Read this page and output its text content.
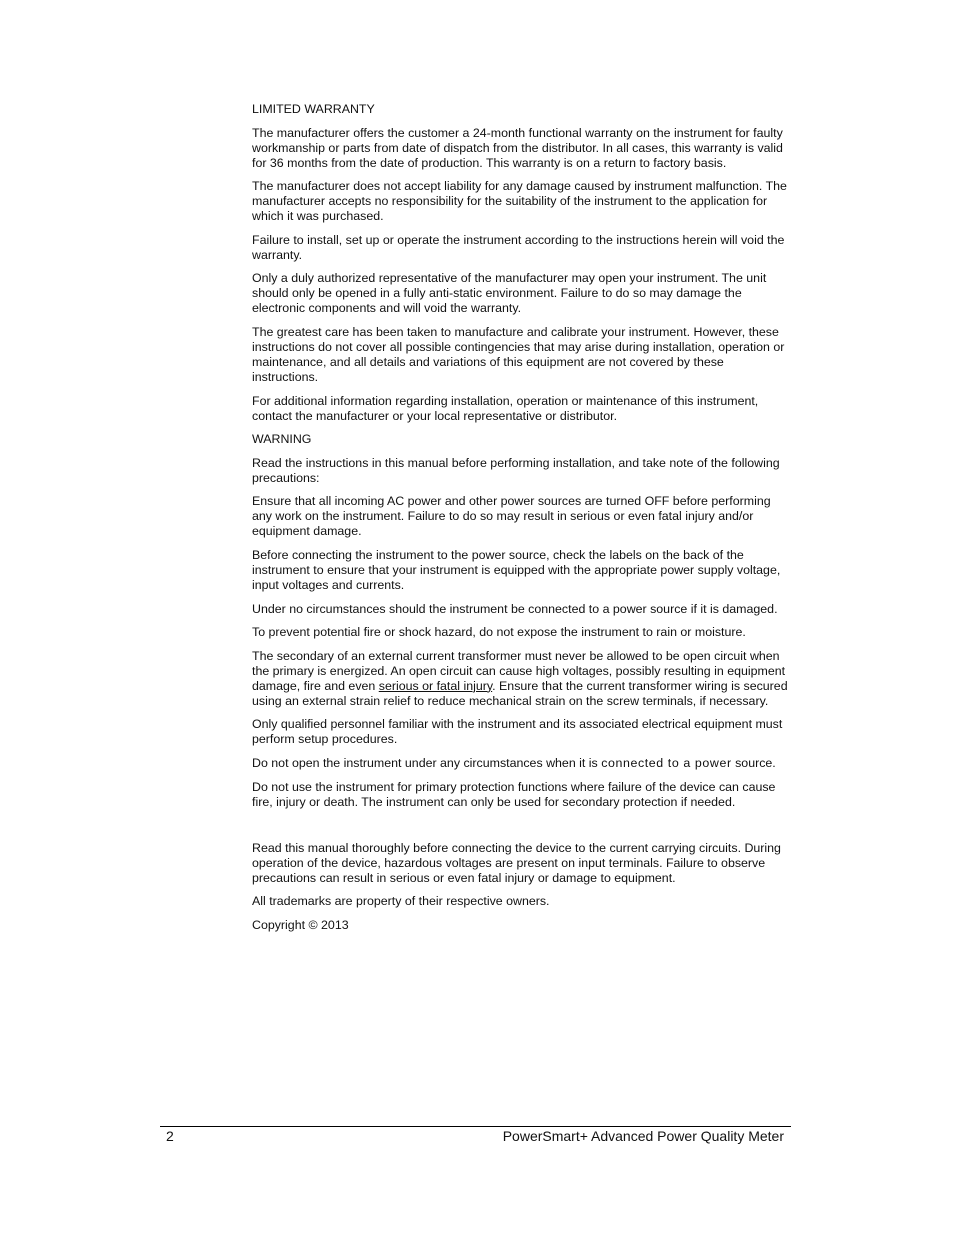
LIMITED WARRANTY

The manufacturer offers the customer a 24-month functional warranty on the instrument for faulty workmanship or parts from date of dispatch from the distributor. In all cases, this warranty is valid for 36 months from the date of production. This warranty is on a return to factory basis.

The manufacturer does not accept liability for any damage caused by instrument malfunction. The manufacturer accepts no responsibility for the suitability of the instrument to the application for which it was purchased.

Failure to install, set up or operate the instrument according to the instructions herein will void the warranty.

Only a duly authorized representative of the manufacturer may open your instrument. The unit should only be opened in a fully anti-static environment. Failure to do so may damage the electronic components and will void the warranty.

The greatest care has been taken to manufacture and calibrate your instrument. However, these instructions do not cover all possible contingencies that may arise during installation, operation or maintenance, and all details and variations of this equipment are not covered by these instructions.

For additional information regarding installation, operation or maintenance of this instrument, contact the manufacturer or your local representative or distributor.

WARNING

Read the instructions in this manual before performing installation, and take note of the following precautions:

Ensure that all incoming AC power and other power sources are turned OFF before performing any work on the instrument. Failure to do so may result in serious or even fatal injury and/or equipment damage.

Before connecting the instrument to the power source, check the labels on the back of the instrument to ensure that your instrument is equipped with the appropriate power supply voltage, input voltages and currents.

Under no circumstances should the instrument be connected to a power source if it is damaged.

To prevent potential fire or shock hazard, do not expose the instrument to rain or moisture.

The secondary of an external current transformer must never be allowed to be open circuit when the primary is energized. An open circuit can cause high voltages, possibly resulting in equipment damage, fire and even serious or fatal injury. Ensure that the current transformer wiring is secured using an external strain relief to reduce mechanical strain on the screw terminals, if necessary.

Only qualified personnel familiar with the instrument and its associated electrical equipment must perform setup procedures.

Do not open the instrument under any circumstances when it is connected to a power source.

Do not use the instrument for primary protection functions where failure of the device can cause fire, injury or death. The instrument can only be used for secondary protection if needed.

Read this manual thoroughly before connecting the device to the current carrying circuits. During operation of the device, hazardous voltages are present on input terminals. Failure to observe precautions can result in serious or even fatal injury or damage to equipment.

All trademarks are property of their respective owners.

Copyright © 2013

2	PowerSmart+ Advanced Power Quality Meter
